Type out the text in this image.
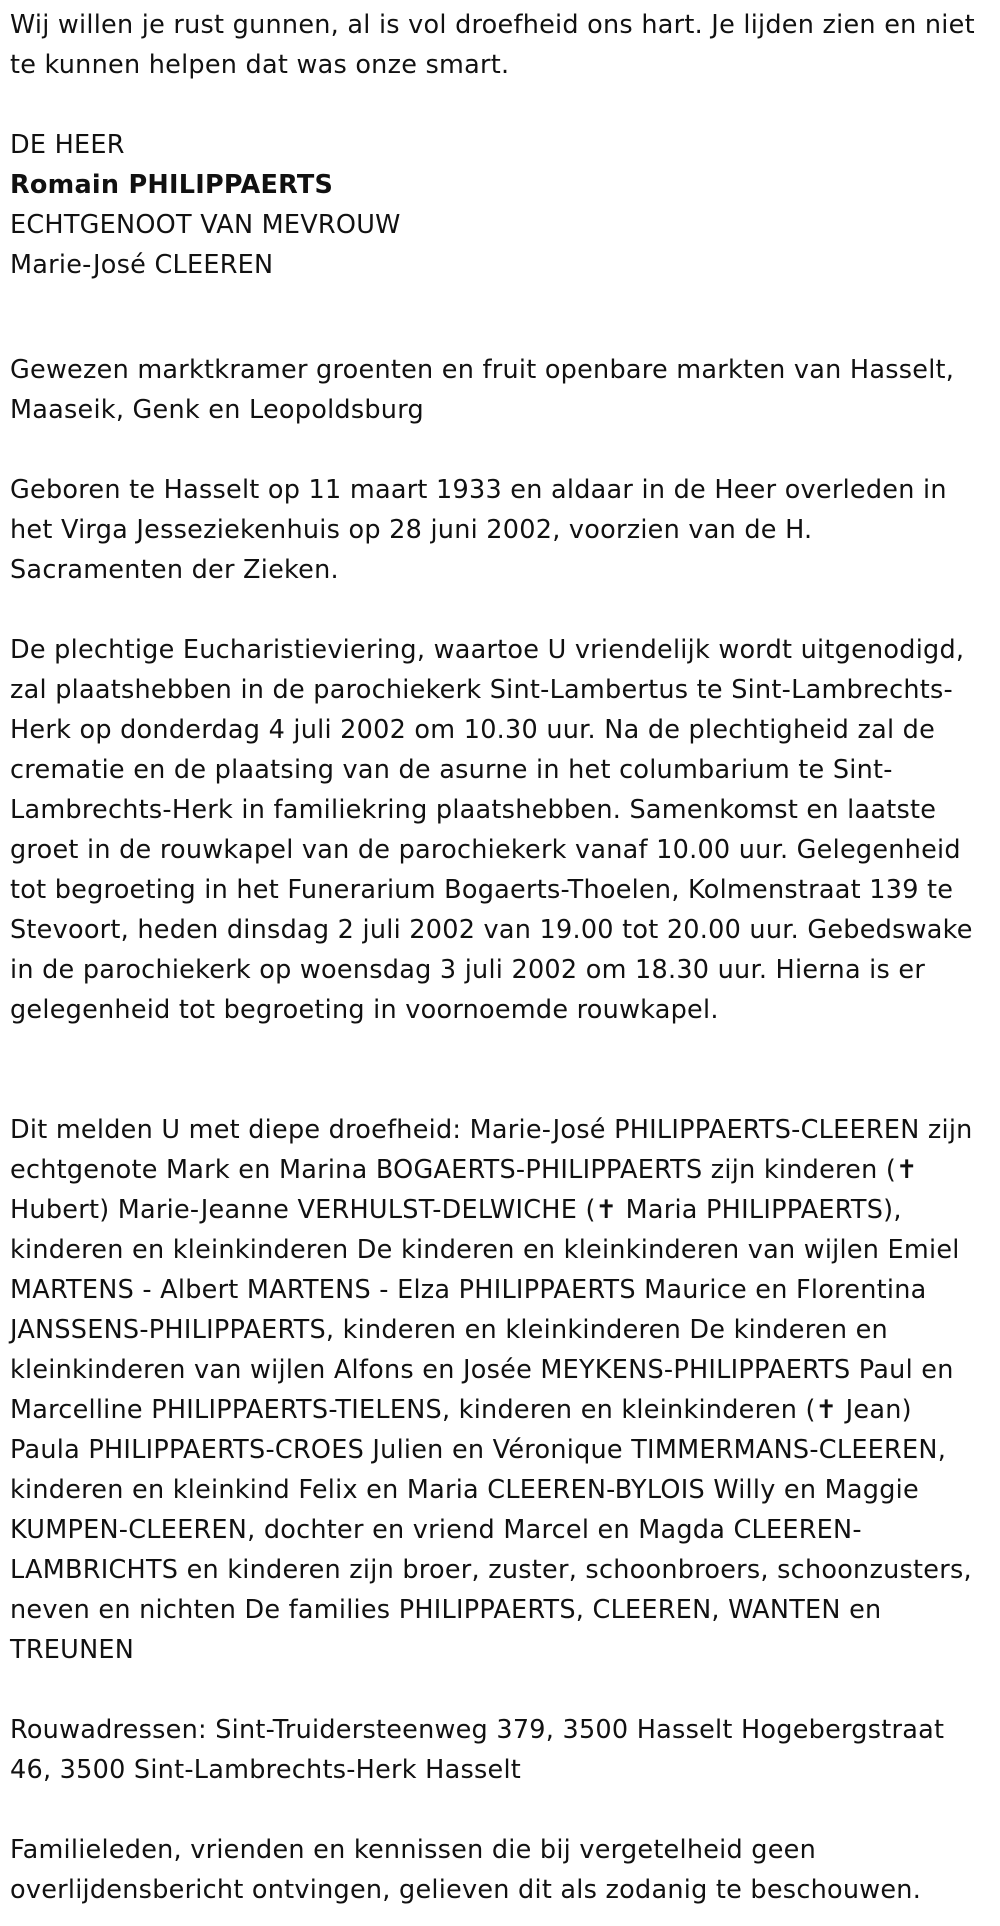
Wij willen je rust gunnen, al is vol droefheid ons hart. Je lijden zien en niet te kunnen helpen dat was onze smart.

DE HEER

Romain PHILIPPAERTS

ECHTGENOOT VAN MEVROUW

Marie-José CLEEREN

Gewezen marktkramer groenten en fruit openbare markten van Hasselt, Maaseik, Genk en Leopoldsburg

Geboren te Hasselt op 11 maart 1933 en aldaar in de Heer overleden in het Virga Jesseziekenhuis op 28 juni 2002, voorzien van de H. Sacramenten der Zieken.

De plechtige Eucharistieviering, waartoe U vriendelijk wordt uitgenodigd, zal plaatshebben in de parochiekerk Sint-Lambertus te Sint-Lambrechts-Herk op donderdag 4 juli 2002 om 10.30 uur. Na de plechtigheid zal de crematie en de plaatsing van de asurne in het columbarium te Sint-Lambrechts-Herk in familiekring plaatshebben. Samenkomst en laatste groet in de rouwkapel van de parochiekerk vanaf 10.00 uur. Gelegenheid tot begroeting in het Funerarium Bogaerts-Thoelen, Kolmenstraat 139 te Stevoort, heden dinsdag 2 juli 2002 van 19.00 tot 20.00 uur. Gebedswake in de parochiekerk op woensdag 3 juli 2002 om 18.30 uur. Hierna is er gelegenheid tot begroeting in voornoemde rouwkapel.

Dit melden U met diepe droefheid: Marie-José PHILIPPAERTS-CLEEREN zijn echtgenote Mark en Marina BOGAERTS-PHILIPPAERTS zijn kinderen (✝ Hubert) Marie-Jeanne VERHULST-DELWICHE (✝ Maria PHILIPPAERTS), kinderen en kleinkinderen De kinderen en kleinkinderen van wijlen Emiel MARTENS - Albert MARTENS - Elza PHILIPPAERTS Maurice en Florentina JANSSENS-PHILIPPAERTS, kinderen en kleinkinderen De kinderen en kleinkinderen van wijlen Alfons en Josée MEYKENS-PHILIPPAERTS Paul en Marcelline PHILIPPAERTS-TIELENS, kinderen en kleinkinderen (✝ Jean) Paula PHILIPPAERTS-CROES Julien en Véronique TIMMERMANS-CLEEREN, kinderen en kleinkind Felix en Maria CLEEREN-BYLOIS Willy en Maggie KUMPEN-CLEEREN, dochter en vriend Marcel en Magda CLEEREN-LAMBRICHTS en kinderen zijn broer, zuster, schoonbroers, schoonzusters, neven en nichten De families PHILIPPAERTS, CLEEREN, WANTEN en TREUNEN

Rouwadressen: Sint-Truidersteenweg 379, 3500 Hasselt Hogebergstraat 46, 3500 Sint-Lambrechts-Herk Hasselt

Familieleden, vrienden en kennissen die bij vergetelheid geen overlijdensbericht ontvingen, gelieven dit als zodanig te beschouwen.
